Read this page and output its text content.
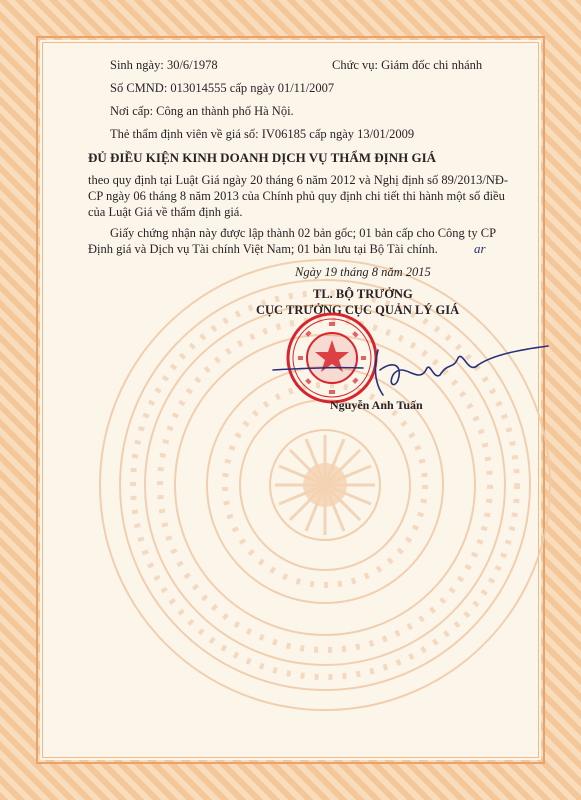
Sinh ngày: 30/6/1978	Chức vụ: Giám đốc chi nhánh
Số CMND: 013014555 cấp ngày 01/11/2007
Nơi cấp: Công an thành phố Hà Nội.
Thẻ thẩm định viên về giá số: IV06185 cấp ngày 13/01/2009
ĐỦ ĐIỀU KIỆN KINH DOANH DỊCH VỤ THẨM ĐỊNH GIÁ
theo quy định tại Luật Giá ngày 20 tháng 6 năm 2012 và Nghị định số 89/2013/NĐ-
CP ngày 06 tháng 8 năm 2013 của Chính phủ quy định chi tiết thi hành một số điều
của Luật Giá về thẩm định giá.
Giấy chứng nhận này được lập thành 02 bản gốc; 01 bản cấp cho Công ty CP
Định giá và Dịch vụ Tài chính Việt Nam; 01 bản lưu tại Bộ Tài chính.	ar
Ngày 19 tháng 8 năm 2015
TL. BỘ TRƯỞNG
CỤC TRƯỞNG CỤC QUẢN LÝ GIÁ
Nguyễn Anh Tuấn
